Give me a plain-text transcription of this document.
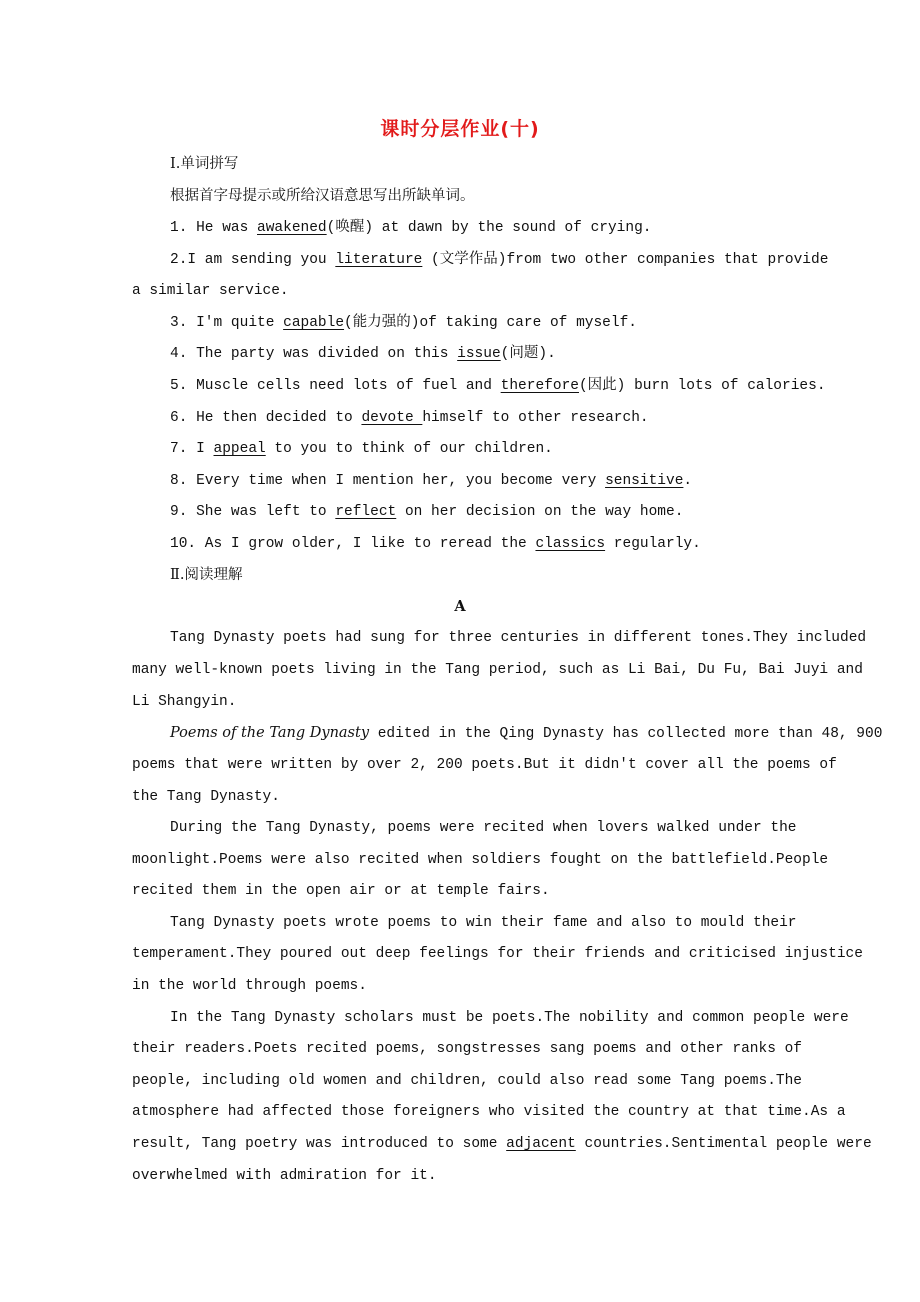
课时分层作业(十)
Ⅰ.单词拼写
根据首字母提示或所给汉语意思写出所缺单词。
1. He was awakened(唤醒) at dawn by the sound of crying.
2.I am sending you literature (文学作品)from two other companies that provide
a similar service.
3. I'm quite capable(能力强的)of taking care of myself.
4. The party was divided on this issue(问题).
5. Muscle cells need lots of fuel and therefore(因此) burn lots of calories.
6. He then decided to devote himself to other research.
7. I appeal to you to think of our children.
8. Every time when I mention her, you become very sensitive.
9. She was left to reflect on her decision on the way home.
10. As I grow older, I like to reread the classics regularly.
Ⅱ.阅读理解
A
Tang Dynasty poets had sung for three centuries in different tones.They included
many well-known poets living in the Tang period, such as Li Bai, Du Fu, Bai Juyi and
Li Shangyin.
Poems of the Tang Dynasty edited in the Qing Dynasty has collected more than 48, 900
poems that were written by over 2, 200 poets.But it didn't cover all the poems of
the Tang Dynasty.
During the Tang Dynasty, poems were recited when lovers walked under the
moonlight.Poems were also recited when soldiers fought on the battlefield.People
recited them in the open air or at temple fairs.
Tang Dynasty poets wrote poems to win their fame and also to mould their
temperament.They poured out deep feelings for their friends and criticised injustice
in the world through poems.
In the Tang Dynasty scholars must be poets.The nobility and common people were
their readers.Poets recited poems, songstresses sang poems and other ranks of
people, including old women and children, could also read some Tang poems.The
atmosphere had affected those foreigners who visited the country at that time.As a
result, Tang poetry was introduced to some adjacent countries.Sentimental people were
overwhelmed with admiration for it.
